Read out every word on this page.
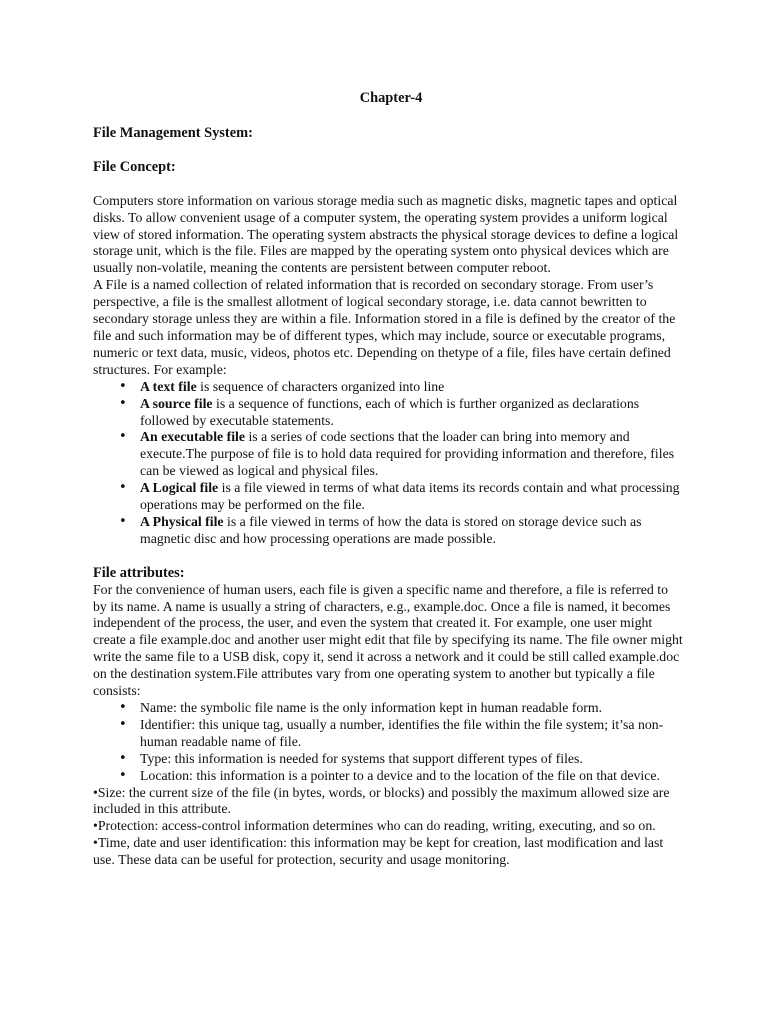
Chapter-4
File Management System:
File Concept:

Computers store information on various storage media such as magnetic disks, magnetic tapes and optical disks. To allow convenient usage of a computer system, the operating system provides a uniform logical view of stored information. The operating system abstracts the physical storage devices to define a logical storage unit, which is the file. Files are mapped by the operating system onto physical devices which are usually non-volatile, meaning the contents are persistent between computer reboot.

A File is a named collection of related information that is recorded on secondary storage. From user’s perspective, a file is the smallest allotment of logical secondary storage, i.e. data cannot bewritten to secondary storage unless they are within a file. Information stored in a file is defined by the creator of the file and such information may be of different types, which may include, source or executable programs, numeric or text data, music, videos, photos etc. Depending on thetype of a file, files have certain defined structures. For example:

• A text file is sequence of characters organized into line
• A source file is a sequence of functions, each of which is further organized as declarations followed by executable statements.
• An executable file is a series of code sections that the loader can bring into memory and execute.The purpose of file is to hold data required for providing information and therefore, files can be viewed as logical and physical files.
• A Logical file is a file viewed in terms of what data items its records contain and what processing operations may be performed on the file.
• A Physical file is a file viewed in terms of how the data is stored on storage device such as magnetic disc and how processing operations are made possible.
File attributes:

For the convenience of human users, each file is given a specific name and therefore, a file is referred to by its name. A name is usually a string of characters, e.g., example.doc. Once a file is named, it becomes independent of the process, the user, and even the system that created it. For example, one user might create a file example.doc and another user might edit that file by specifying its name. The file owner might write the same file to a USB disk, copy it, send it across a network and it could be still called example.doc on the destination system.File attributes vary from one operating system to another but typically a file consists:

• Name: the symbolic file name is the only information kept in human readable form.
• Identifier: this unique tag, usually a number, identifies the file within the file system; it’sa non-human readable name of file.
• Type: this information is needed for systems that support different types of files.
• Location: this information is a pointer to a device and to the location of the file on that device.

•Size: the current size of the file (in bytes, words, or blocks) and possibly the maximum allowed size are included in this attribute.

•Protection: access-control information determines who can do reading, writing, executing, and so on.

•Time, date and user identification: this information may be kept for creation, last modification and last use. These data can be useful for protection, security and usage monitoring.
